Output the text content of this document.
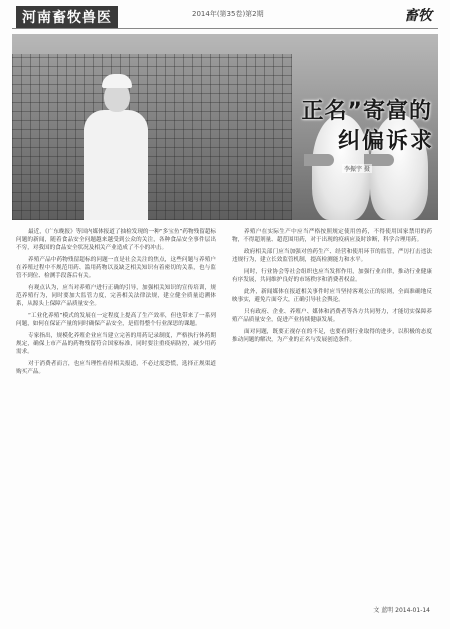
河南畜牧兽医	2014年(第35卷)第2期	畜牧
正名”寄富的
纠偏诉求
李振宇 摄

最近，《广东晚报》等国内媒体报道了抽检发现的一种“多宝鱼”药物残留超标问题的新闻，随着食品安全问题越来越受到公众的关注，各种食品安全事件层出不穷，对我国的食品安全状况及相关产业造成了不小的冲击。

养殖产品中药物残留超标的问题一直是社会关注的焦点，这些问题与养殖户在养殖过程中不规范用药、滥用药物以及缺乏相关知识有着密切的关系，也与监管不到位、检测手段落后有关。

有观点认为，应当对养殖户进行正确的引导，加强相关知识的宣传培训，规范养殖行为，同时要加大监管力度，完善相关法律法规，建立健全质量追溯体系，从源头上保障产品质量安全。

“工业化养殖”模式的发展在一定程度上提高了生产效率，但也带来了一系列问题，如何在保证产量的同时确保产品安全，是值得整个行业深思的课题。

专家指出，规模化养殖企业应当建立完善的用药记录制度，严格执行休药期规定，确保上市产品的药物残留符合国家标准，同时要注重疫病防控，减少用药需求。

对于消费者而言，也应当理性看待相关报道，不必过度恐慌，选择正规渠道购买产品。

养殖户在实际生产中应当严格按照规定使用兽药，不得使用国家禁用的药物，不得超剂量、超范围用药，对于出现的疫病应及时诊断，科学合理用药。

政府相关部门应当加强对兽药生产、经营和使用环节的监管，严厉打击违法违规行为，建立长效监管机制，提高检测能力和水平。

同时，行业协会等社会组织也应当发挥作用，加强行业自律，推动行业健康有序发展，共同维护良好的市场秩序和消费者权益。

此外，新闻媒体在报道相关事件时应当坚持客观公正的原则，全面准确地反映事实，避免片面夸大，正确引导社会舆论。

只有政府、企业、养殖户、媒体和消费者等各方共同努力，才能切实保障养殖产品质量安全，促进产业持续健康发展。

面对问题，既要正视存在的不足，也要看到行业取得的进步，以积极的态度推动问题的解决，为产业的正名与发展创造条件。

文 蓝明 2014-01-14
